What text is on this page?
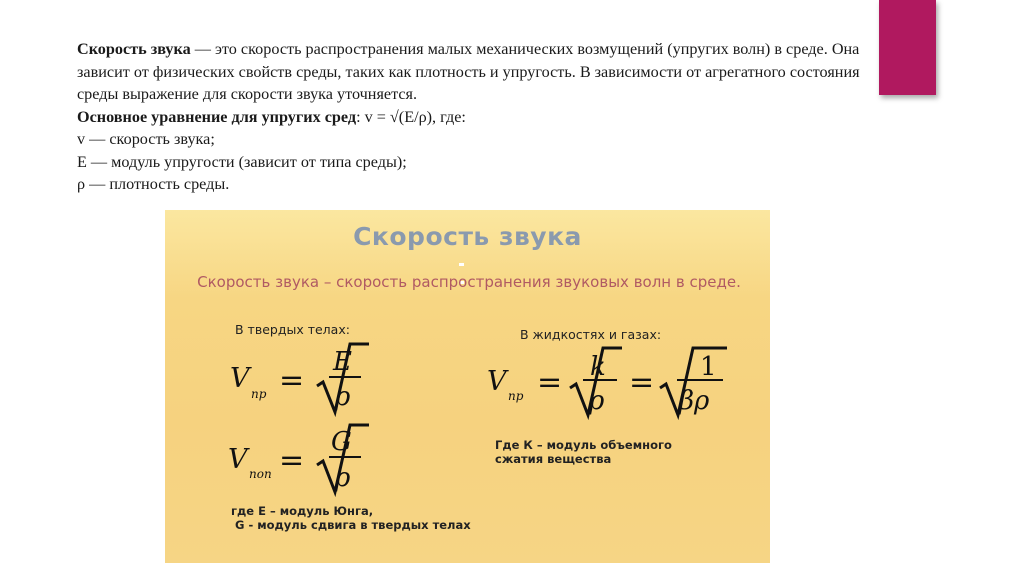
Скорость звука — это скорость распространения малых механических возмущений (упругих волн) в среде. Она зависит от физических свойств среды, таких как плотность и упругость. В зависимости от агрегатного состояния среды выражение для скорости звука уточняется.

Основное уравнение для упругих сред: v = √(E/ρ), где:

v — скорость звука;

E — модуль упругости (зависит от типа среды);

ρ — плотность среды.

Скорость звука
Скорость звука – скорость распространения звуковых волн в среде.
В твердых телах:	В жидкостях и газах:
V пр =
E
ρ
V поп =
G
ρ
V пр = k
ρ
= 1
βρ
Где К – модуль объемного
сжатия вещества
где Е – модуль Юнга,
G - модуль сдвига в твердых телах
